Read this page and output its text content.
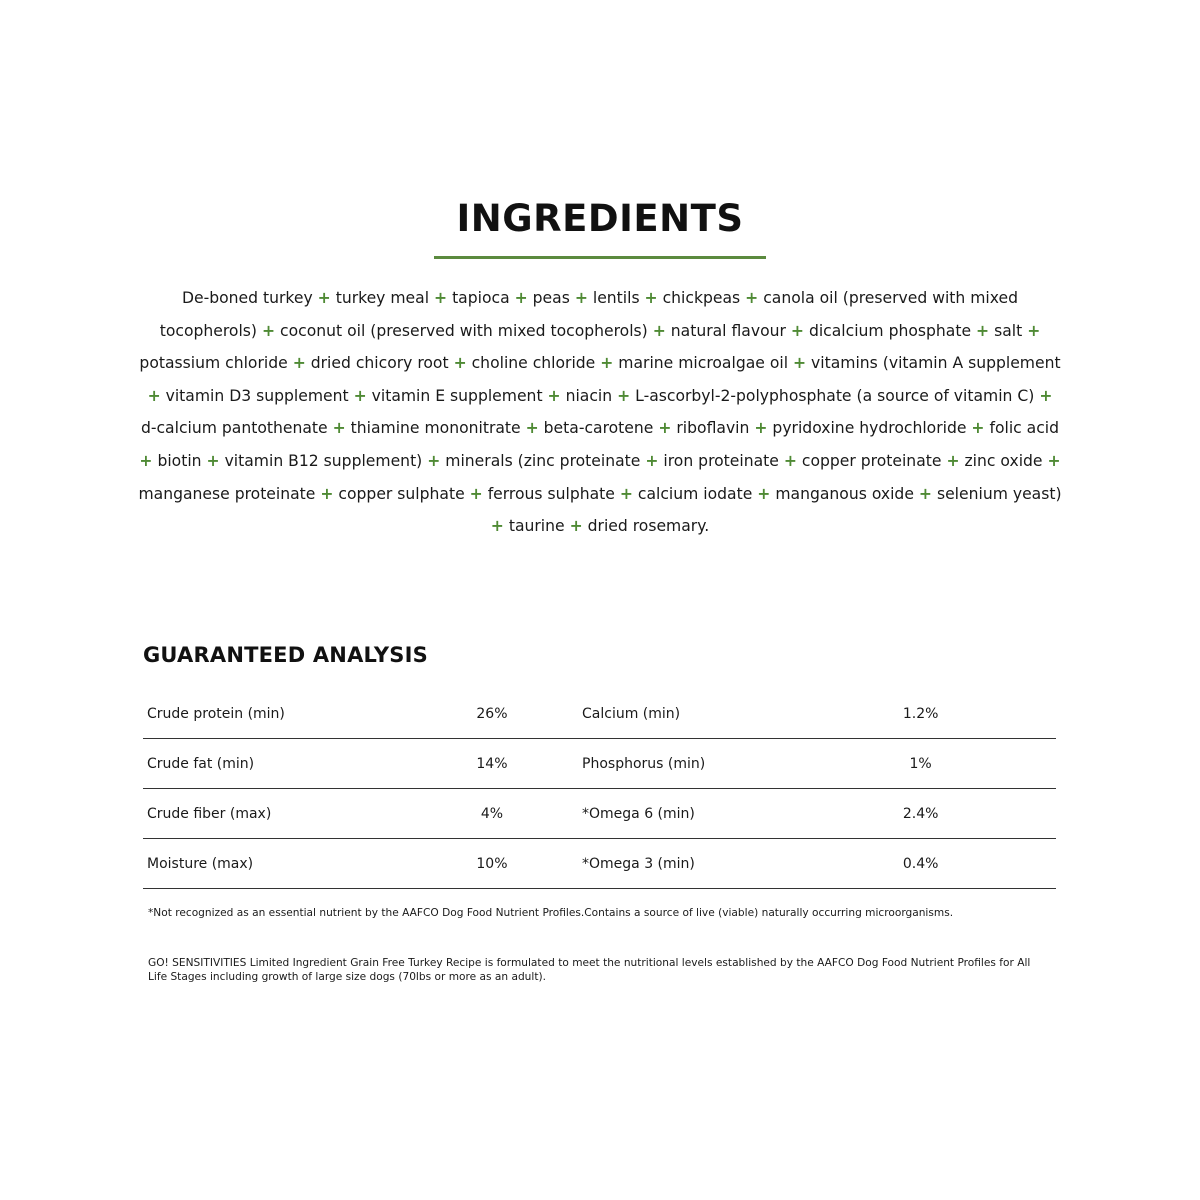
INGREDIENTS

De-boned turkey + turkey meal + tapioca + peas + lentils + chickpeas + canola oil (preserved with mixed tocopherols) + coconut oil (preserved with mixed tocopherols) + natural flavour + dicalcium phosphate + salt + potassium chloride + dried chicory root + choline chloride + marine microalgae oil + vitamins (vitamin A supplement + vitamin D3 supplement + vitamin E supplement + niacin + L-ascorbyl-2-polyphosphate (a source of vitamin C) + d-calcium pantothenate + thiamine mononitrate + beta-carotene + riboflavin + pyridoxine hydrochloride + folic acid + biotin + vitamin B12 supplement) + minerals (zinc proteinate + iron proteinate + copper proteinate + zinc oxide + manganese proteinate + copper sulphate + ferrous sulphate + calcium iodate + manganous oxide + selenium yeast) + taurine + dried rosemary.

GUARANTEED ANALYSIS
Crude protein (min)	26%		Calcium (min)	1.2%	
Crude fat (min)	14%		Phosphorus (min)	1%	
Crude fiber (max)	4%		*Omega 6 (min)	2.4%	
Moisture (max)	10%		*Omega 3 (min)	0.4%	

*Not recognized as an essential nutrient by the AAFCO Dog Food Nutrient Profiles.Contains a source of live (viable) naturally occurring microorganisms.

GO! SENSITIVITIES Limited Ingredient Grain Free Turkey Recipe is formulated to meet the nutritional levels established by the AAFCO Dog Food Nutrient Profiles for All Life Stages including growth of large size dogs (70lbs or more as an adult).
